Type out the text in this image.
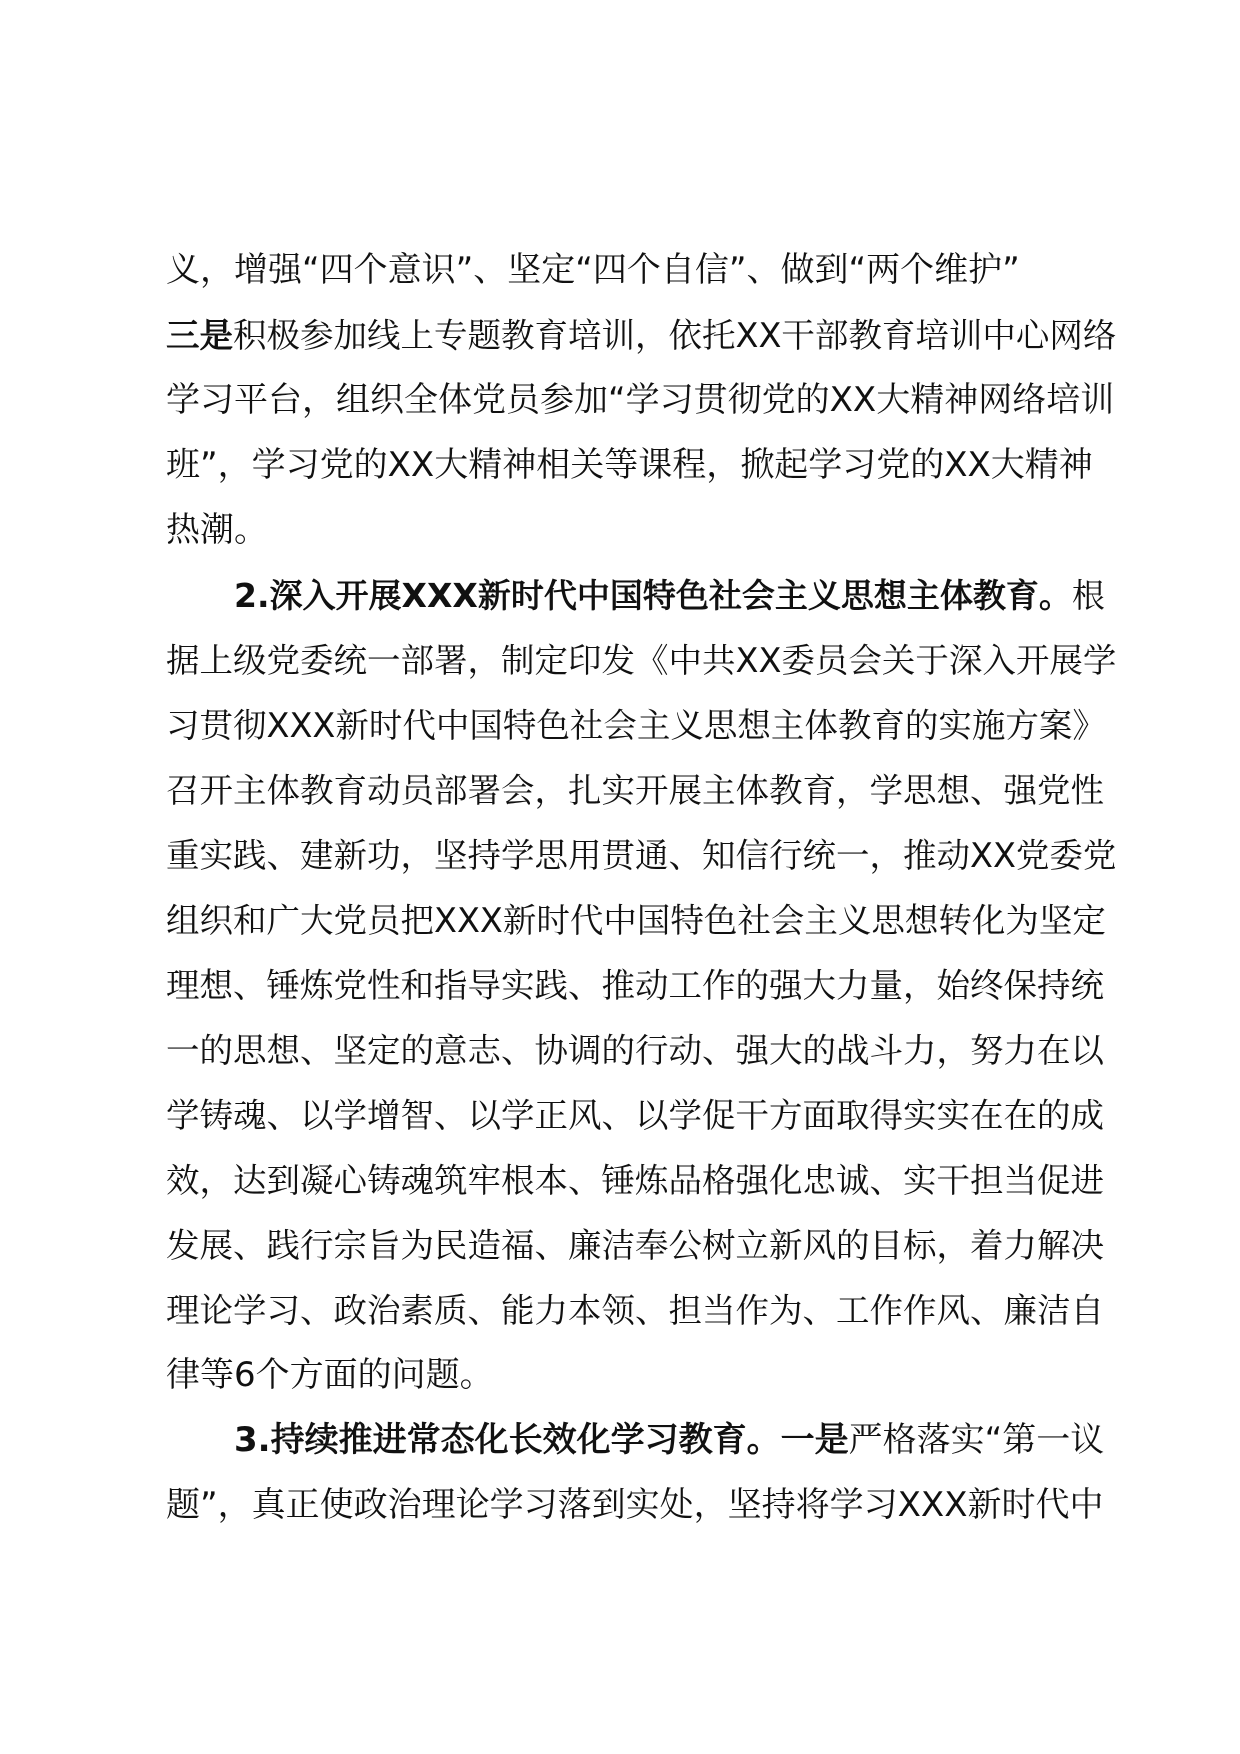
义，增强“四个意识”、坚定“四个自信”、做到“两个维护”
三是积极参加线上专题教育培训，依托XX干部教育培训中心网络
学习平台，组织全体党员参加“学习贯彻党的XX大精神网络培训
班”，学习党的XX大精神相关等课程，掀起学习党的XX大精神
热潮。
2.深入开展XXX新时代中国特色社会主义思想主体教育。根
据上级党委统一部署，制定印发《中共XX委员会关于深入开展学
习贯彻XXX新时代中国特色社会主义思想主体教育的实施方案》
召开主体教育动员部署会，扎实开展主体教育，学思想、强党性
重实践、建新功，坚持学思用贯通、知信行统一，推动XX党委党
组织和广大党员把XXX新时代中国特色社会主义思想转化为坚定
理想、锤炼党性和指导实践、推动工作的强大力量，始终保持统
一的思想、坚定的意志、协调的行动、强大的战斗力，努力在以
学铸魂、以学增智、以学正风、以学促干方面取得实实在在的成
效，达到凝心铸魂筑牢根本、锤炼品格强化忠诚、实干担当促进
发展、践行宗旨为民造福、廉洁奉公树立新风的目标，着力解决
理论学习、政治素质、能力本领、担当作为、工作作风、廉洁自
律等6个方面的问题。
3.持续推进常态化长效化学习教育。一是严格落实“第一议
题”，真正使政治理论学习落到实处，坚持将学习XXX新时代中
